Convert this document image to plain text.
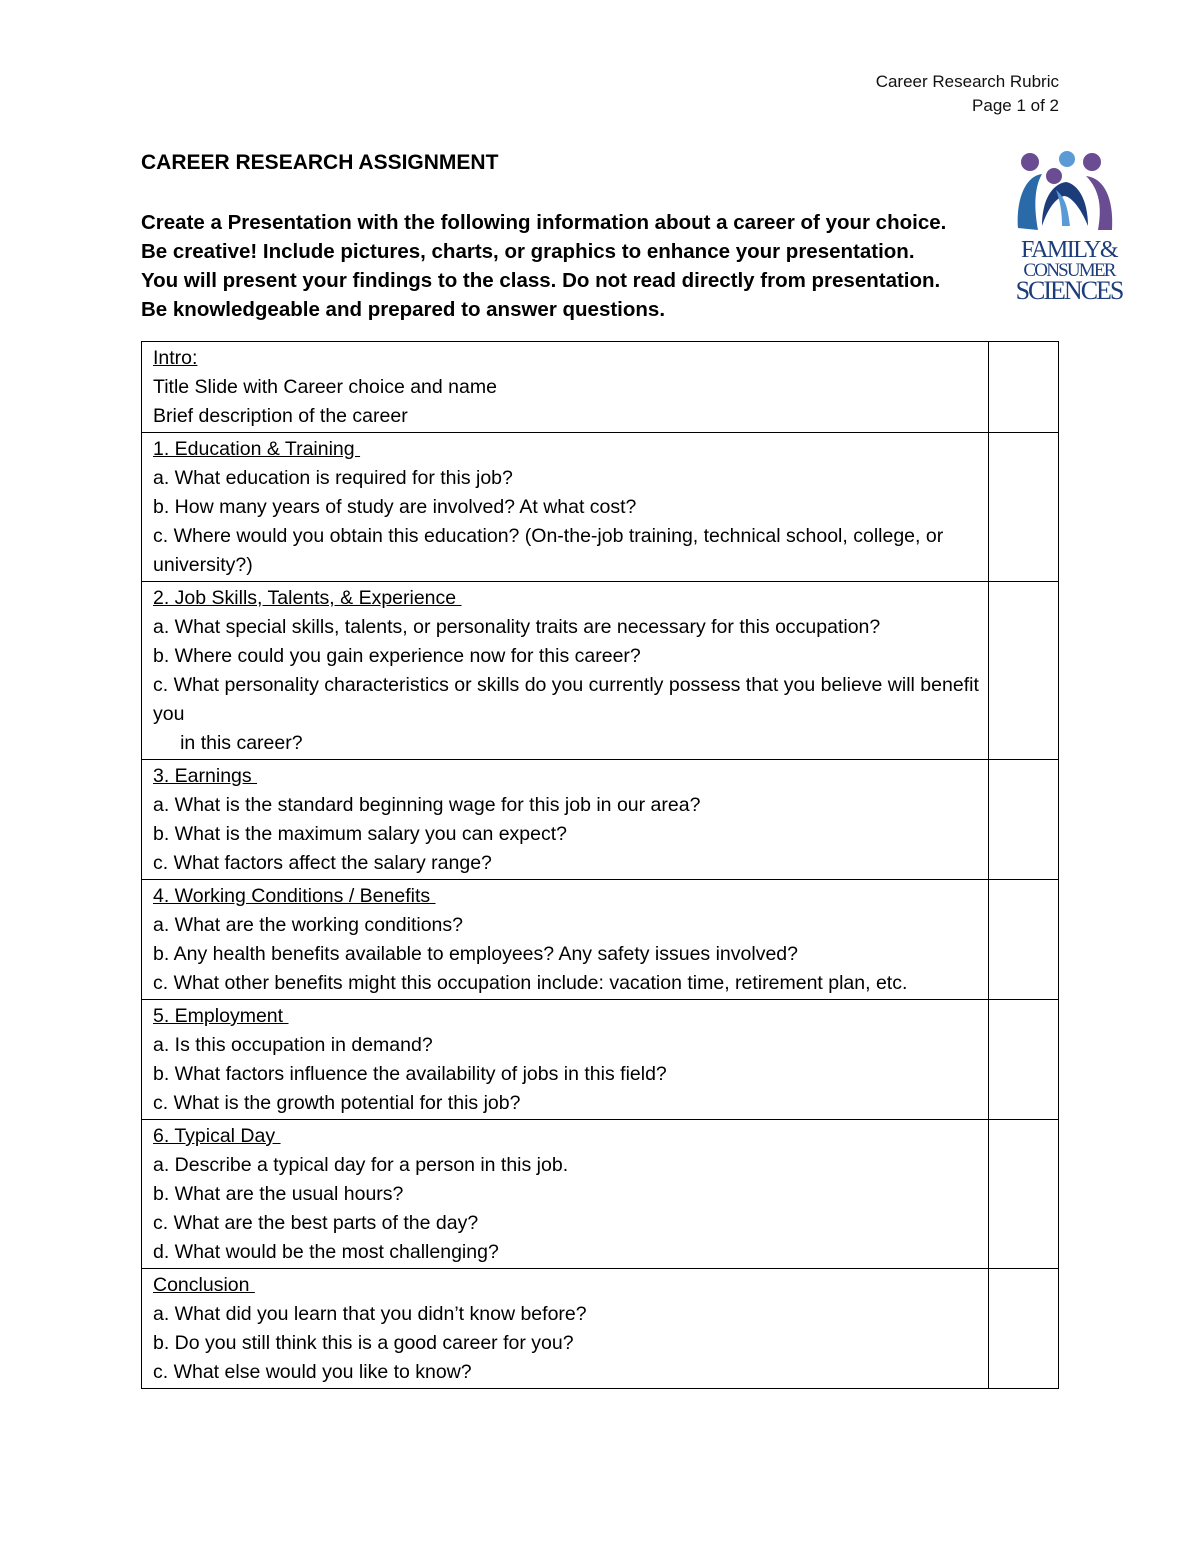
Career Research Rubric
Page 1 of 2
CAREER RESEARCH ASSIGNMENT
Create a Presentation with the following information about a career of your choice.
Be creative! Include pictures, charts, or graphics to enhance your presentation.
You will present your findings to the class. Do not read directly from presentation.
Be knowledgeable and prepared to answer questions.
FAMILY&
CONSUMER
SCIENCES
Intro:
Title Slide with Career choice and name
Brief description of the career	

1. Education & Training
a. What education is required for this job?
b. How many years of study are involved? At what cost?
c. Where would you obtain this education? (On-the-job training, technical school, college, or university?)	

2. Job Skills, Talents, & Experience
a. What special skills, talents, or personality traits are necessary for this occupation?
b. Where could you gain experience now for this career?
c. What personality characteristics or skills do you currently possess that you believe will benefit you
in this career?	

3. Earnings
a. What is the standard beginning wage for this job in our area?
b. What is the maximum salary you can expect?
c. What factors affect the salary range?	

4. Working Conditions / Benefits
a. What are the working conditions?
b. Any health benefits available to employees? Any safety issues involved?
c. What other benefits might this occupation include: vacation time, retirement plan, etc.	

5. Employment
a. Is this occupation in demand?
b. What factors influence the availability of jobs in this field?
c. What is the growth potential for this job?	

6. Typical Day
a. Describe a typical day for a person in this job.
b. What are the usual hours?
c. What are the best parts of the day?
d. What would be the most challenging?	

Conclusion
a. What did you learn that you didn’t know before?
b. Do you still think this is a good career for you?
c. What else would you like to know?	
